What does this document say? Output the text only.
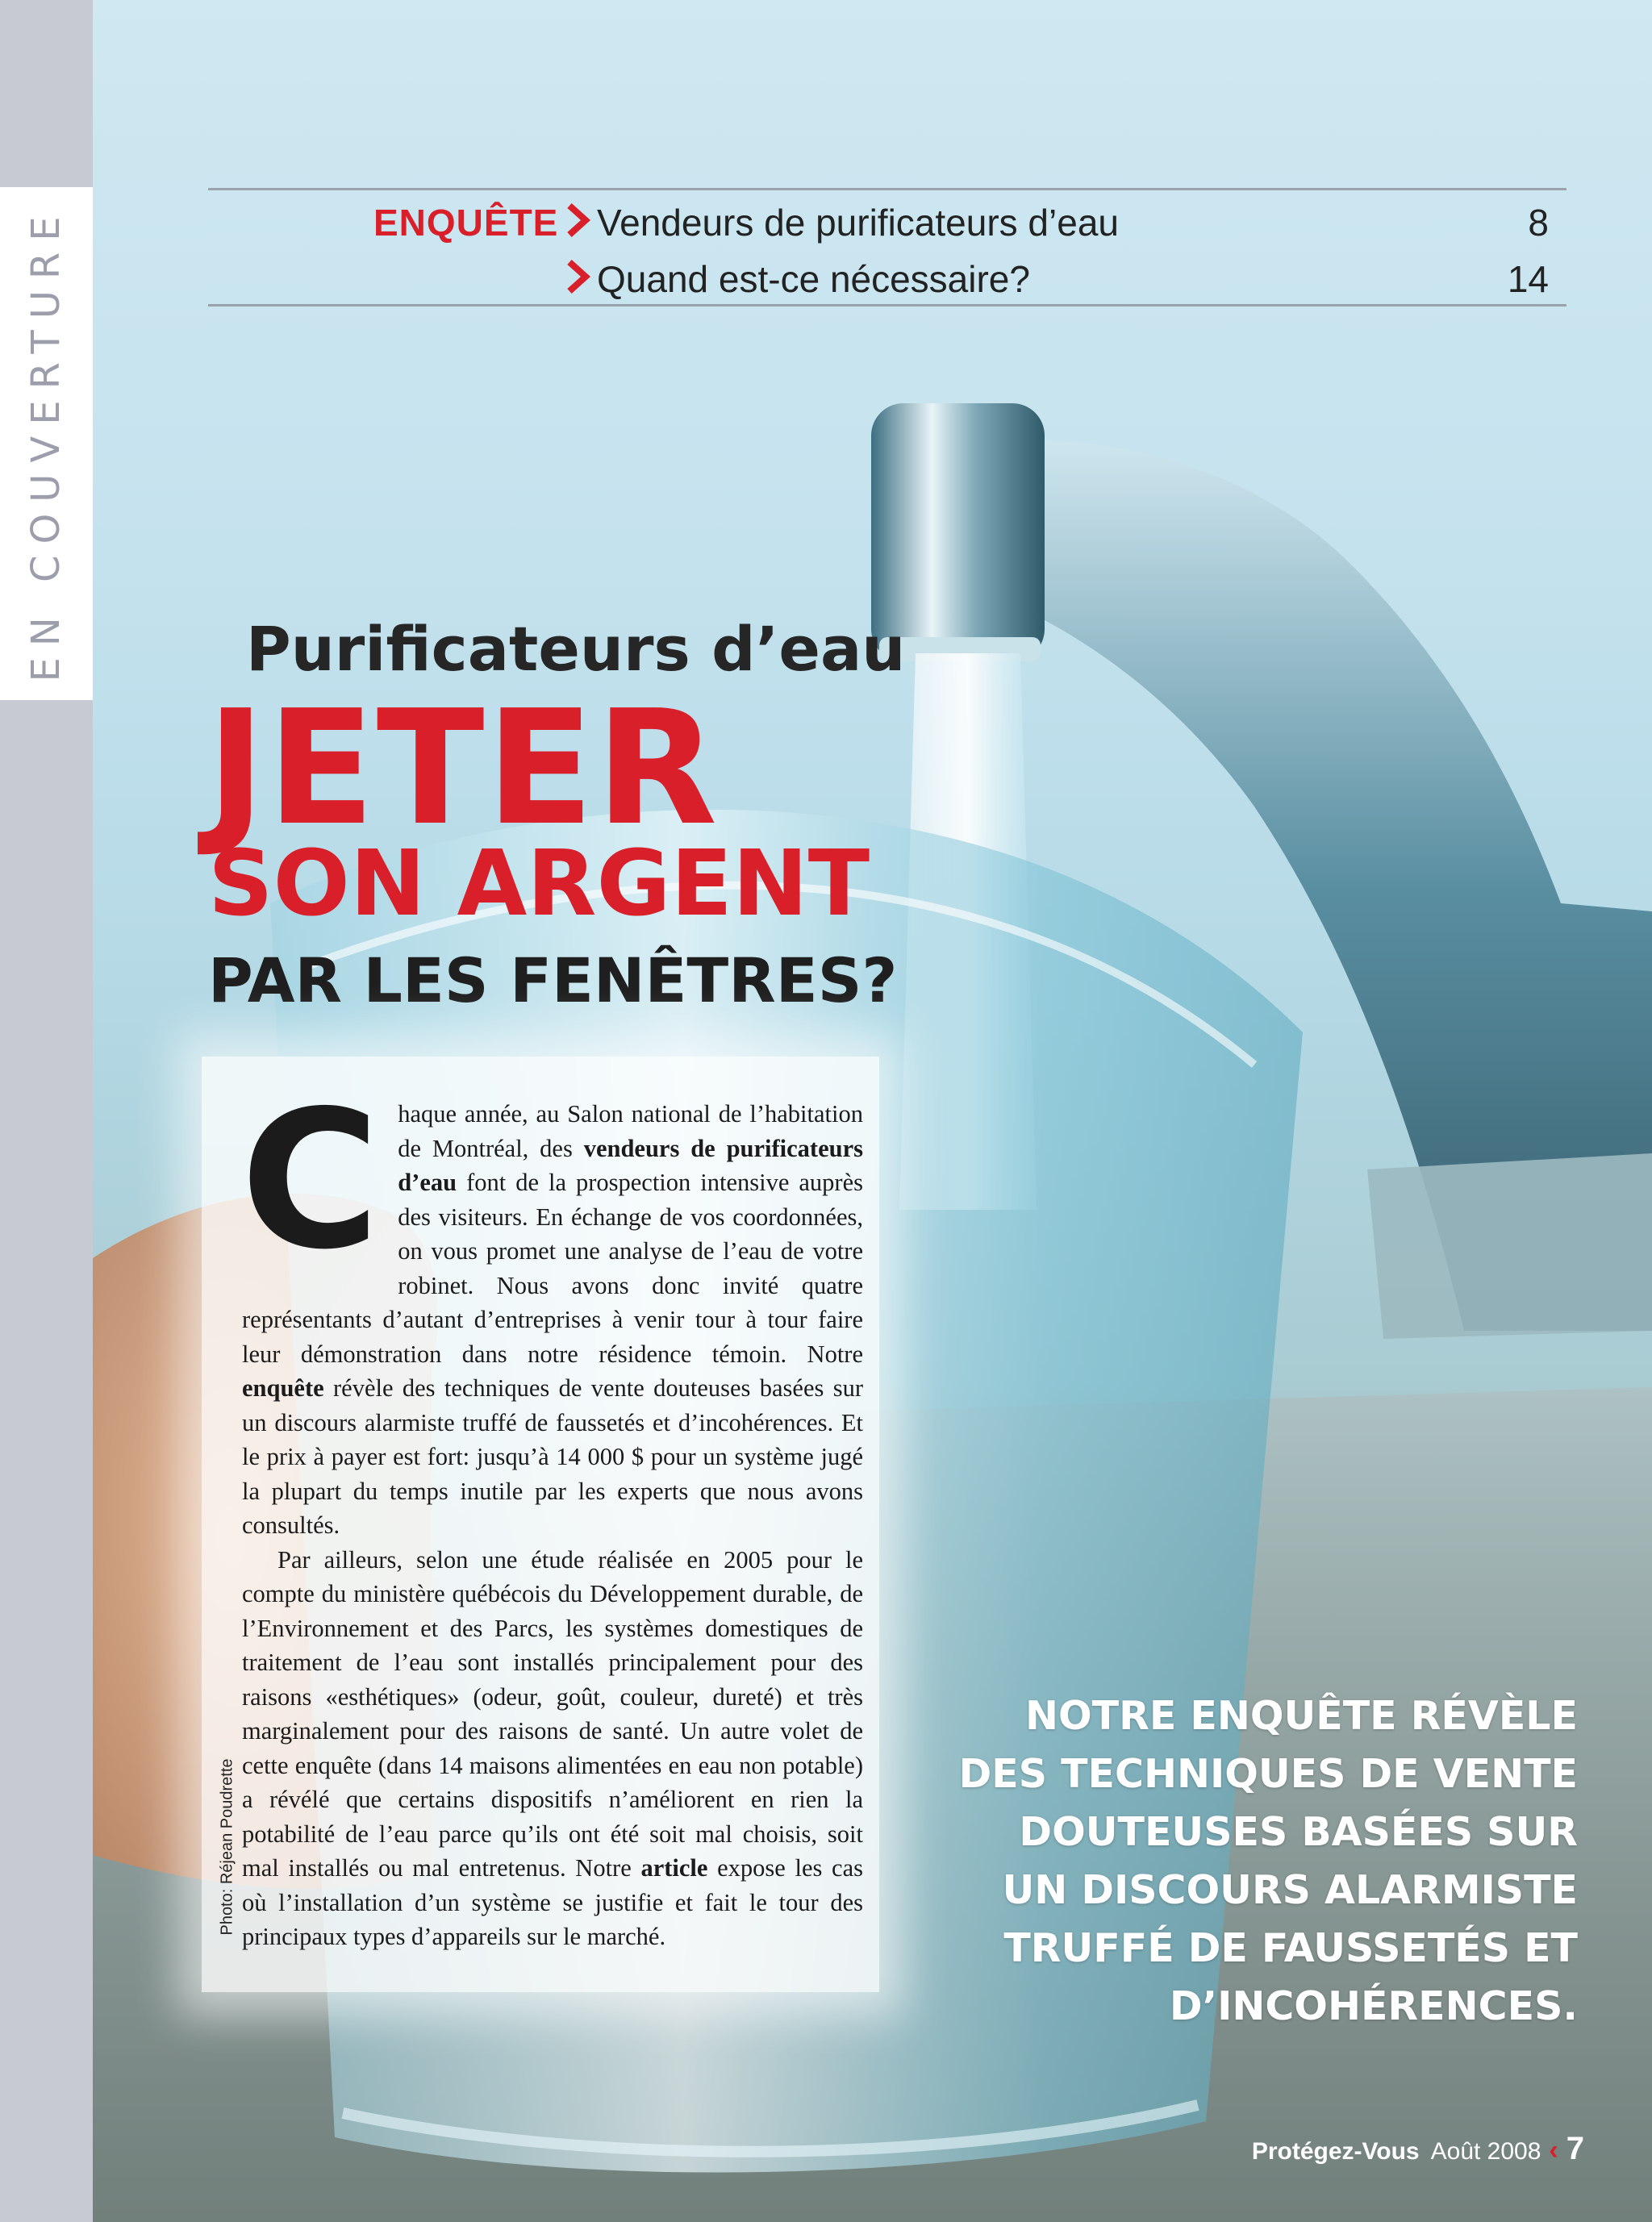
EN COUVERTURE	ENQUÊTE Vendeurs de purificateurs d’eau	8
Quand est-ce nécessaire?	14
Purificateurs d’eau
JETER
SON ARGENT
PAR LES FENÊTRES?
C haque année, au Salon national de l’habitation de Montréal, des vendeurs de purificateurs d’eau font de la prospection intensive auprès des visiteurs. En échange de vos coordonnées, on vous promet une analyse de l’eau de votre robinet. Nous avons donc invité quatre représentants d’autant d’entreprises à venir tour à tour faire leur démonstration dans notre résidence témoin. Notre enquête révèle des techniques de vente douteuses basées sur un discours alarmiste truffé de faussetés et d’incohérences. Et le prix à payer est fort: jusqu’à 14 000 $ pour un système jugé la plupart du temps inutile par les experts que nous avons consultés.

Par ailleurs, selon une étude réalisée en 2005 pour le compte du ministère québécois du Développement durable, de l’Environnement et des Parcs, les systèmes domestiques de traitement de l’eau sont installés principalement pour des raisons «esthétiques» (odeur, goût, couleur, dureté) et très marginalement pour des raisons de santé. Un autre volet de cette enquête (dans 14 maisons alimentées en eau non potable) a révélé que certains dispositifs n’améliorent en rien la potabilité de l’eau parce qu’ils ont été soit mal choisis, soit mal installés ou mal entretenus. Notre article expose les cas où l’installation d’un système se justifie et fait le tour des principaux types d’appareils sur le marché.

Photo: Réjean Poudrette
NOTRE ENQUÊTE RÉVÈLE
DES TECHNIQUES DE VENTE
DOUTEUSES BASÉES SUR
UN DISCOURS ALARMISTE
TRUFFÉ DE FAUSSETÉS ET
D’INCOHÉRENCES.
Protégez-Vous Août 2008 ‹ 7
